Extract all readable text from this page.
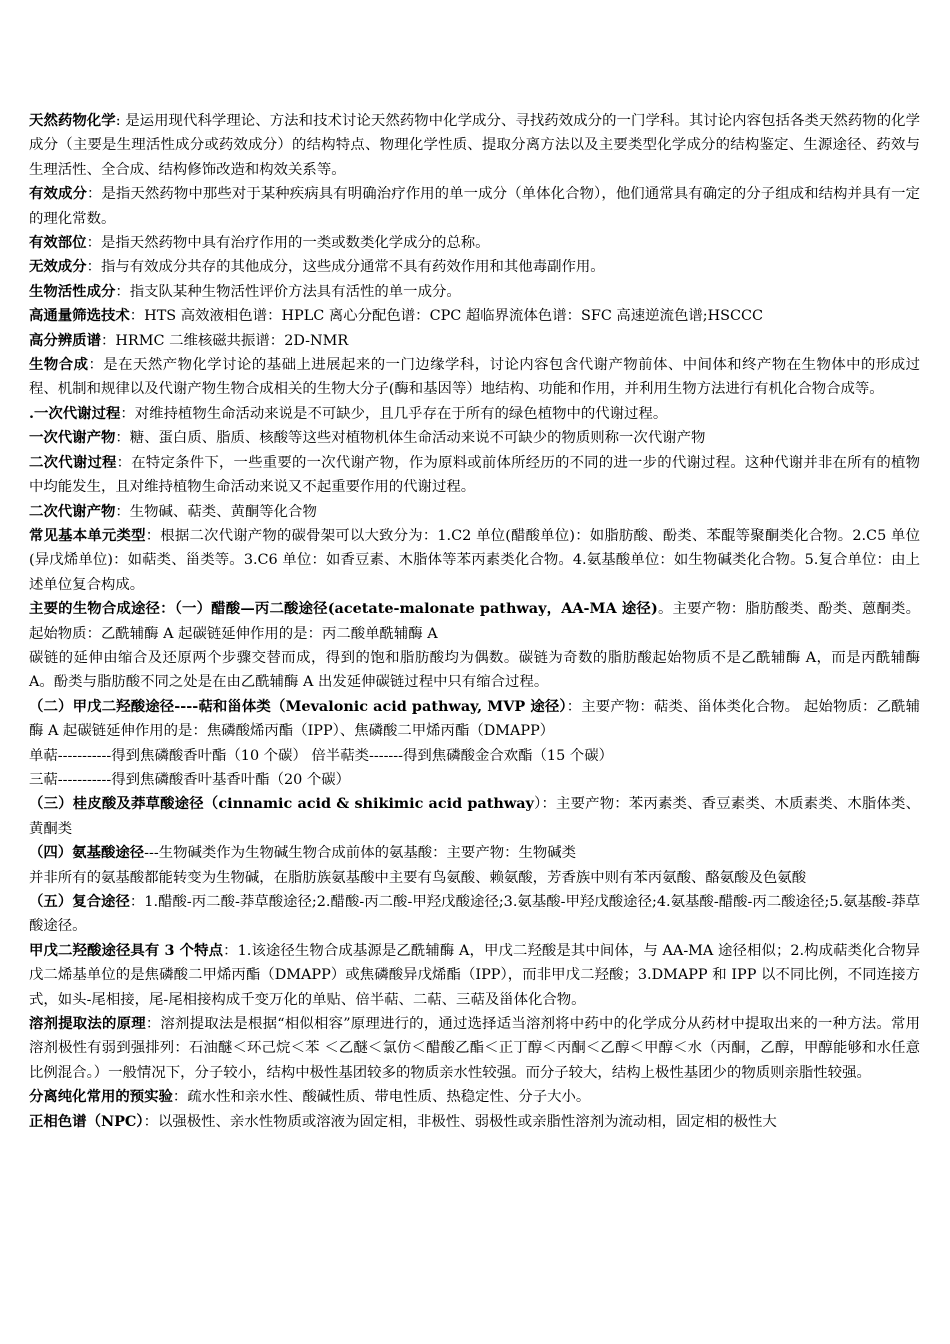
天然药物化学: 是运用现代科学理论、方法和技术讨论天然药物中化学成分、寻找药效成分的一门学科。其讨论内容包括各类天然药物的化学成分（主要是生理活性成分或药效成分）的结构特点、物理化学性质、提取分离方法以及主要类型化学成分的结构鉴定、生源途径、药效与生理活性、全合成、结构修饰改造和构效关系等。

有效成分：是指天然药物中那些对于某种疾病具有明确治疗作用的单一成分（单体化合物），他们通常具有确定的分子组成和结构并具有一定的理化常数。

有效部位：是指天然药物中具有治疗作用的一类或数类化学成分的总称。

无效成分：指与有效成分共存的其他成分，这些成分通常不具有药效作用和其他毒副作用。

生物活性成分：指支队某种生物活性评价方法具有活性的单一成分。

高通量筛选技术：HTS 高效液相色谱：HPLC 离心分配色谱：CPC 超临界流体色谱：SFC 高速逆流色谱;HSCCC

高分辨质谱：HRMC 二维核磁共振谱：2D-NMR

生物合成：是在天然产物化学讨论的基础上进展起来的一门边缘学科，讨论内容包含代谢产物前体、中间体和终产物在生物体中的形成过程、机制和规律以及代谢产物生物合成相关的生物大分子(酶和基因等）地结构、功能和作用，并利用生物方法进行有机化合物合成等。

.一次代谢过程：对维持植物生命活动来说是不可缺少，且几乎存在于所有的绿色植物中的代谢过程。

一次代谢产物：糖、蛋白质、脂质、核酸等这些对植物机体生命活动来说不可缺少的物质则称一次代谢产物

二次代谢过程：在特定条件下，一些重要的一次代谢产物，作为原料或前体所经历的不同的进一步的代谢过程。这种代谢并非在所有的植物中均能发生，且对维持植物生命活动来说又不起重要作用的代谢过程。

二次代谢产物：生物碱、萜类、黄酮等化合物

常见基本单元类型：根据二次代谢产物的碳骨架可以大致分为：1.C2 单位(醋酸单位)：如脂肪酸、酚类、苯醌等聚酮类化合物。2.C5 单位(异戊烯单位)：如萜类、甾类等。3.C6 单位：如香豆素、木脂体等苯丙素类化合物。4.氨基酸单位：如生物碱类化合物。5.复合单位：由上述单位复合构成。

主要的生物合成途径：（一）醋酸—丙二酸途径(acetate-malonate pathway，AA-MA 途径)。主要产物：脂肪酸类、酚类、蒽酮类。 起始物质：乙酰辅酶 A 起碳链延伸作用的是：丙二酸单酰辅酶 A

碳链的延伸由缩合及还原两个步骤交替而成，得到的饱和脂肪酸均为偶数。碳链为奇数的脂肪酸起始物质不是乙酰辅酶 A，而是丙酰辅酶 A。酚类与脂肪酸不同之处是在由乙酰辅酶 A 出发延伸碳链过程中只有缩合过程。

（二）甲戊二羟酸途径----萜和甾体类（Mevalonic acid pathway, MVP 途径）：主要产物：萜类、甾体类化合物。 起始物质：乙酰辅酶 A 起碳链延伸作用的是：焦磷酸烯丙酯（IPP）、焦磷酸二甲烯丙酯（DMAPP）

单萜-----------得到焦磷酸香叶酯（10 个碳） 倍半萜类-------得到焦磷酸金合欢酯（15 个碳）

三萜-----------得到焦磷酸香叶基香叶酯（20 个碳）

（三）桂皮酸及莽草酸途径（cinnamic acid & shikimic acid pathway）：主要产物：苯丙素类、香豆素类、木质素类、木脂体类、黄酮类

（四）氨基酸途径---生物碱类作为生物碱生物合成前体的氨基酸：主要产物：生物碱类

并非所有的氨基酸都能转变为生物碱，在脂肪族氨基酸中主要有鸟氨酸、赖氨酸，芳香族中则有苯丙氨酸、酪氨酸及色氨酸

（五）复合途径：1.醋酸-丙二酸-莽草酸途径;2.醋酸-丙二酸-甲羟戊酸途径;3.氨基酸-甲羟戊酸途径;4.氨基酸-醋酸-丙二酸途径;5.氨基酸-莽草酸途径。

甲戊二羟酸途径具有 3 个特点：1.该途径生物合成基源是乙酰辅酶 A，甲戊二羟酸是其中间体，与 AA-MA 途径相似；2.构成萜类化合物异戊二烯基单位的是焦磷酸二甲烯丙酯（DMAPP）或焦磷酸异戊烯酯（IPP），而非甲戊二羟酸；3.DMAPP 和 IPP 以不同比例，不同连接方式，如头-尾相接，尾-尾相接构成千变万化的单贴、倍半萜、二萜、三萜及甾体化合物。

溶剂提取法的原理：溶剂提取法是根据“相似相容”原理进行的，通过选择适当溶剂将中药中的化学成分从药材中提取出来的一种方法。常用溶剂极性有弱到强排列：石油醚＜环己烷＜苯 ＜乙醚＜氯仿＜醋酸乙酯＜正丁醇＜丙酮＜乙醇＜甲醇＜水（丙酮，乙醇，甲醇能够和水任意比例混合。）一般情况下，分子较小，结构中极性基团较多的物质亲水性较强。而分子较大，结构上极性基团少的物质则亲脂性较强。

分离纯化常用的预实验：疏水性和亲水性、酸碱性质、带电性质、热稳定性、分子大小。

正相色谱（NPC）：以强极性、亲水性物质或溶液为固定相，非极性、弱极性或亲脂性溶剂为流动相，固定相的极性大
